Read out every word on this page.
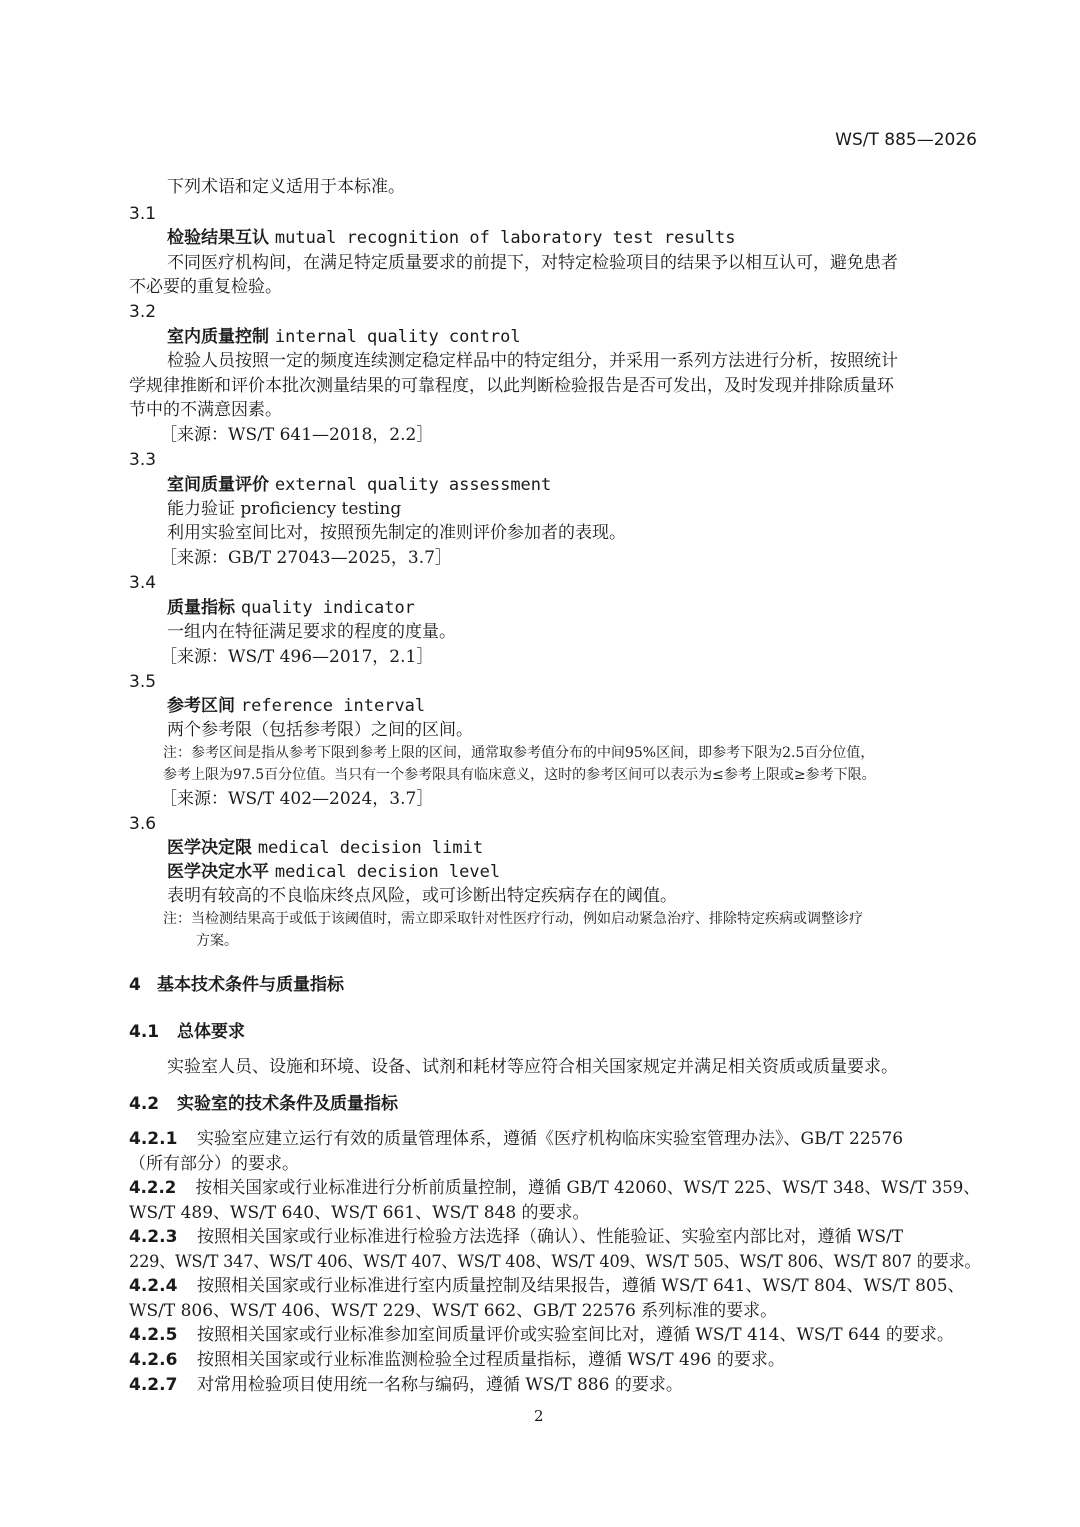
WS/T 885—2026
下列术语和定义适用于本标准。
3.1
检验结果互认 mutual recognition of laboratory test results
不同医疗机构间，在满足特定质量要求的前提下，对特定检验项目的结果予以相互认可，避免患者
不必要的重复检验。
3.2
室内质量控制 internal quality control
检验人员按照一定的频度连续测定稳定样品中的特定组分，并采用一系列方法进行分析，按照统计
学规律推断和评价本批次测量结果的可靠程度，以此判断检验报告是否可发出，及时发现并排除质量环
节中的不满意因素。
［来源：WS/T 641—2018，2.2］
3.3
室间质量评价 external quality assessment
能力验证 proficiency testing
利用实验室间比对，按照预先制定的准则评价参加者的表现。
［来源：GB/T 27043—2025，3.7］
3.4
质量指标 quality indicator
一组内在特征满足要求的程度的度量。
［来源：WS/T 496—2017，2.1］
3.5
参考区间 reference interval
两个参考限（包括参考限）之间的区间。
注：参考区间是指从参考下限到参考上限的区间，通常取参考值分布的中间95%区间，即参考下限为2.5百分位值，
参考上限为97.5百分位值。当只有一个参考限具有临床意义，这时的参考区间可以表示为≤参考上限或≥参考下限。
［来源：WS/T 402—2024，3.7］
3.6
医学决定限 medical decision limit
医学决定水平 medical decision level
表明有较高的不良临床终点风险，或可诊断出特定疾病存在的阈值。
注：当检测结果高于或低于该阈值时，需立即采取针对性医疗行动，例如启动紧急治疗、排除特定疾病或调整诊疗
方案。
4 基本技术条件与质量指标
4.1 总体要求
实验室人员、设施和环境、设备、试剂和耗材等应符合相关国家规定并满足相关资质或质量要求。
4.2 实验室的技术条件及质量指标
4.2.1 实验室应建立运行有效的质量管理体系，遵循《医疗机构临床实验室管理办法》、GB/T 22576
（所有部分）的要求。
4.2.2 按相关国家或行业标准进行分析前质量控制，遵循 GB/T 42060、WS/T 225、WS/T 348、WS/T 359、
WS/T 489、WS/T 640、WS/T 661、WS/T 848 的要求。
4.2.3 按照相关国家或行业标准进行检验方法选择（确认）、性能验证、实验室内部比对，遵循 WS/T
229、WS/T 347、WS/T 406、WS/T 407、WS/T 408、WS/T 409、WS/T 505、WS/T 806、WS/T 807 的要求。
4.2.4 按照相关国家或行业标准进行室内质量控制及结果报告，遵循 WS/T 641、WS/T 804、WS/T 805、
WS/T 806、WS/T 406、WS/T 229、WS/T 662、GB/T 22576 系列标准的要求。
4.2.5 按照相关国家或行业标准参加室间质量评价或实验室间比对，遵循 WS/T 414、WS/T 644 的要求。
4.2.6 按照相关国家或行业标准监测检验全过程质量指标，遵循 WS/T 496 的要求。
4.2.7 对常用检验项目使用统一名称与编码，遵循 WS/T 886 的要求。
2
